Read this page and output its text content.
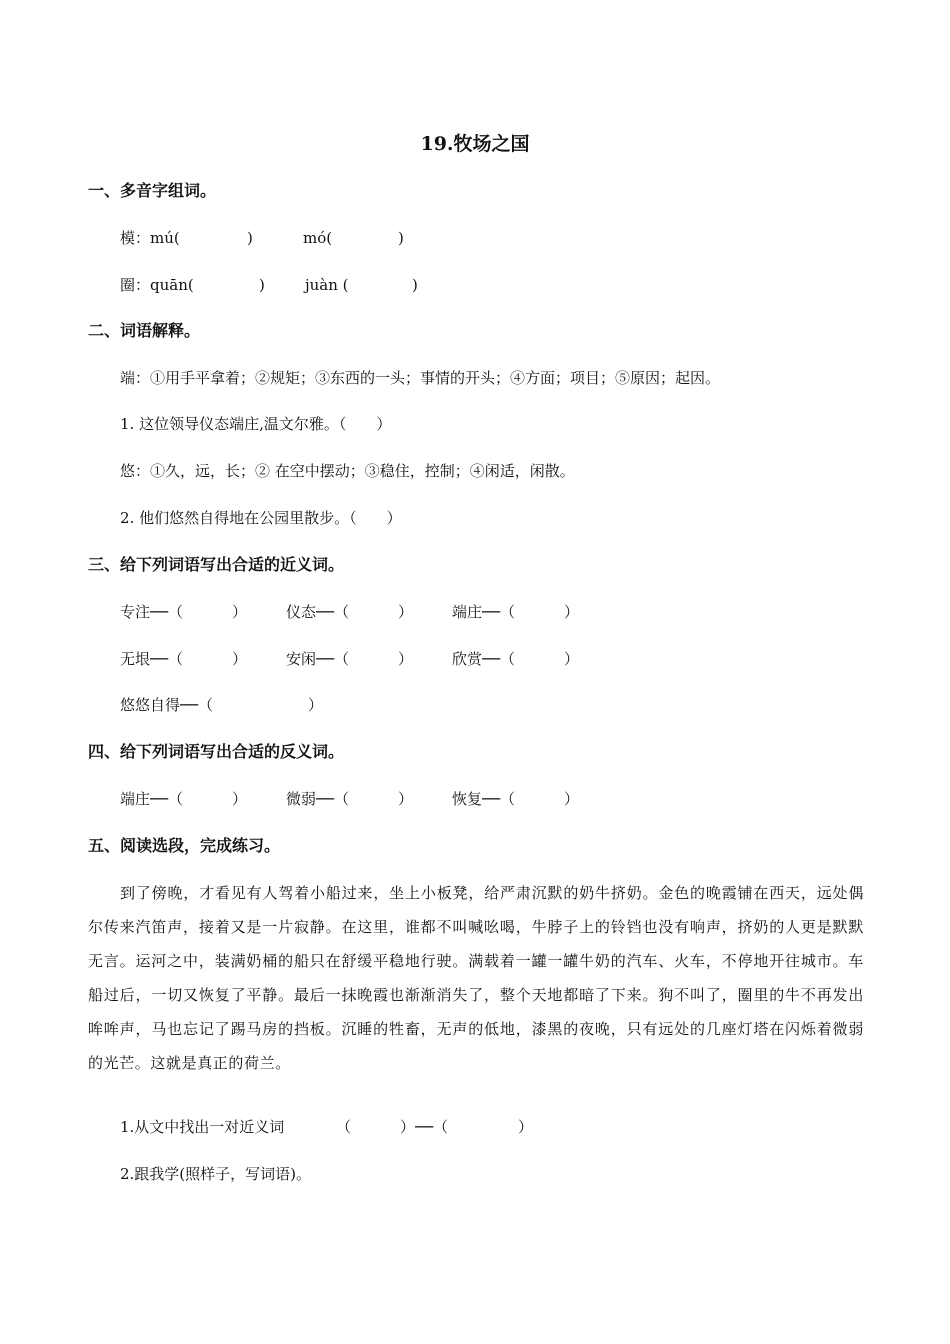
19.牧场之国
一、多音字组词。
模：mú(	)	mó(	)
圈：quān(	)	juàn (	)
二、词语解释。
端：①用手平拿着；②规矩；③东西的一头；事情的开头；④方面；项目；⑤原因；起因。
1. 这位领导仪态端庄,温文尔雅。（　　）
悠：①久，远，长；② 在空中摆动；③稳住，控制；④闲适，闲散。
2. 他们悠然自得地在公园里散步。（　　）
三、给下列词语写出合适的近义词。
专注──（	）	仪态──（	）	端庄──（	）
无垠──（	）	安闲──（	）	欣赏──（	）
悠悠自得──（	）
四、给下列词语写出合适的反义词。
端庄──（	）	微弱──（	）	恢复──（	）
五、阅读选段，完成练习。
到了傍晚，才看见有人驾着小船过来，坐上小板凳，给严肃沉默的奶牛挤奶。金色的晚霞铺在西天，远处偶尔传来汽笛声，接着又是一片寂静。在这里，谁都不叫喊吆喝，牛脖子上的铃铛也没有响声，挤奶的人更是默默无言。运河之中，装满奶桶的船只在舒缓平稳地行驶。满载着一罐一罐牛奶的汽车、火车，不停地开往城市。车船过后，一切又恢复了平静。最后一抹晚霞也渐渐消失了，整个天地都暗了下来。狗不叫了，圈里的牛不再发出哞哞声，马也忘记了踢马房的挡板。沉睡的牲畜，无声的低地，漆黑的夜晚，只有远处的几座灯塔在闪烁着微弱的光芒。这就是真正的荷兰。
1.从文中找出一对近义词	（	）──（	）
2.跟我学(照样子，写词语)。
